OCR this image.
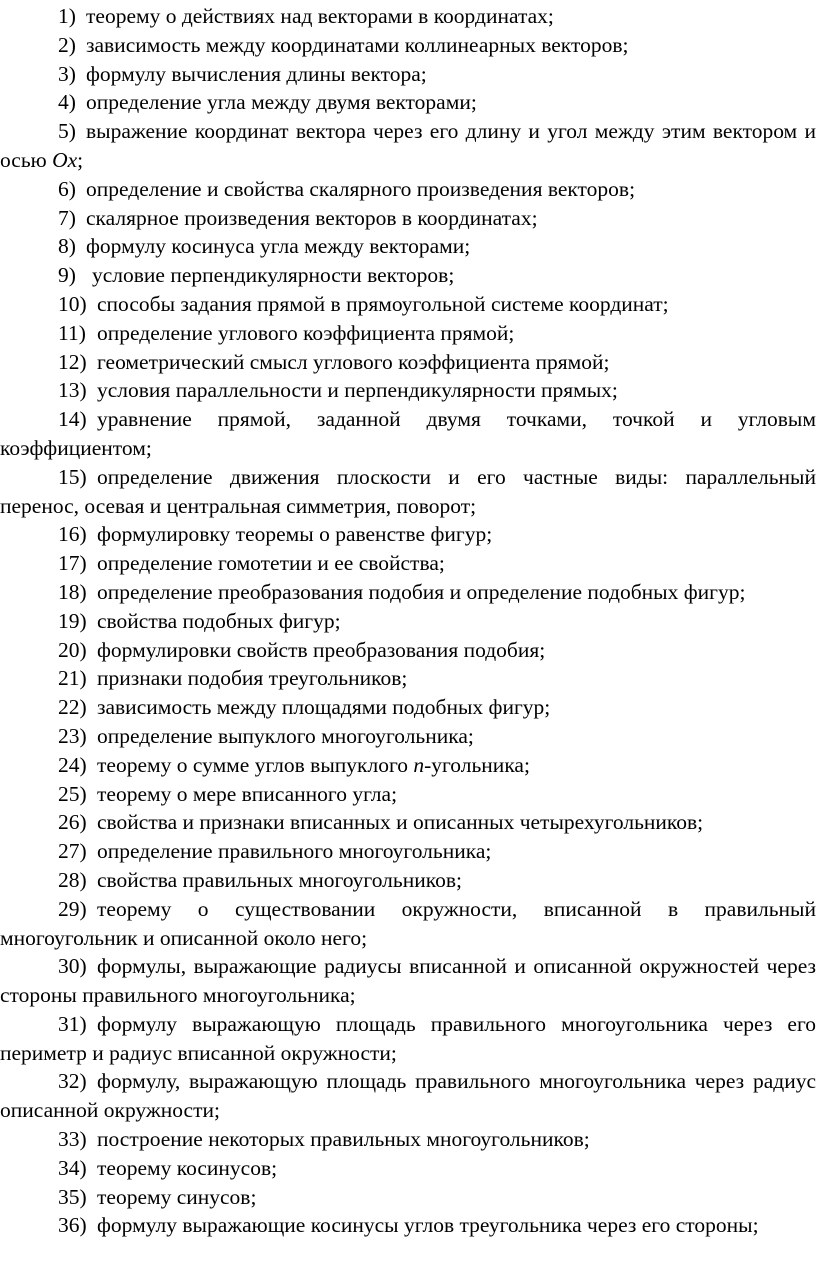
1) теорему о действиях над векторами в координатах;

2) зависимость между координатами коллинеарных векторов;

3) формулу вычисления длины вектора;

4) определение угла между двумя векторами;

5) выражение координат вектора через его длину и угол между этим вектором и осью Ox;

6) определение и свойства скалярного произведения векторов;

7) скалярное произведения векторов в координатах;

8) формулу косинуса угла между векторами;

9) условие перпендикулярности векторов;

10) способы задания прямой в прямоугольной системе координат;

11) определение углового коэффициента прямой;

12) геометрический смысл углового коэффициента прямой;

13) условия параллельности и перпендикулярности прямых;

14) уравнение прямой, заданной двумя точками, точкой и угловым коэффициентом;

15) определение движения плоскости и его частные виды: параллельный перенос, осевая и центральная симметрия, поворот;

16) формулировку теоремы о равенстве фигур;

17) определение гомотетии и ее свойства;

18) определение преобразования подобия и определение подобных фигур;

19) свойства подобных фигур;

20) формулировки свойств преобразования подобия;

21) признаки подобия треугольников;

22) зависимость между площадями подобных фигур;

23) определение выпуклого многоугольника;

24) теорему о сумме углов выпуклого n-угольника;

25) теорему о мере вписанного угла;

26) свойства и признаки вписанных и описанных четырехугольников;

27) определение правильного многоугольника;

28) свойства правильных многоугольников;

29) теорему о существовании окружности, вписанной в правильный многоугольник и описанной около него;

30) формулы, выражающие радиусы вписанной и описанной окружностей через стороны правильного многоугольника;

31) формулу выражающую площадь правильного многоугольника через его периметр и радиус вписанной окружности;

32) формулу, выражающую площадь правильного многоугольника через радиус описанной окружности;

33) построение некоторых правильных многоугольников;

34) теорему косинусов;

35) теорему синусов;

36) формулу выражающие косинусы углов треугольника через его стороны;
